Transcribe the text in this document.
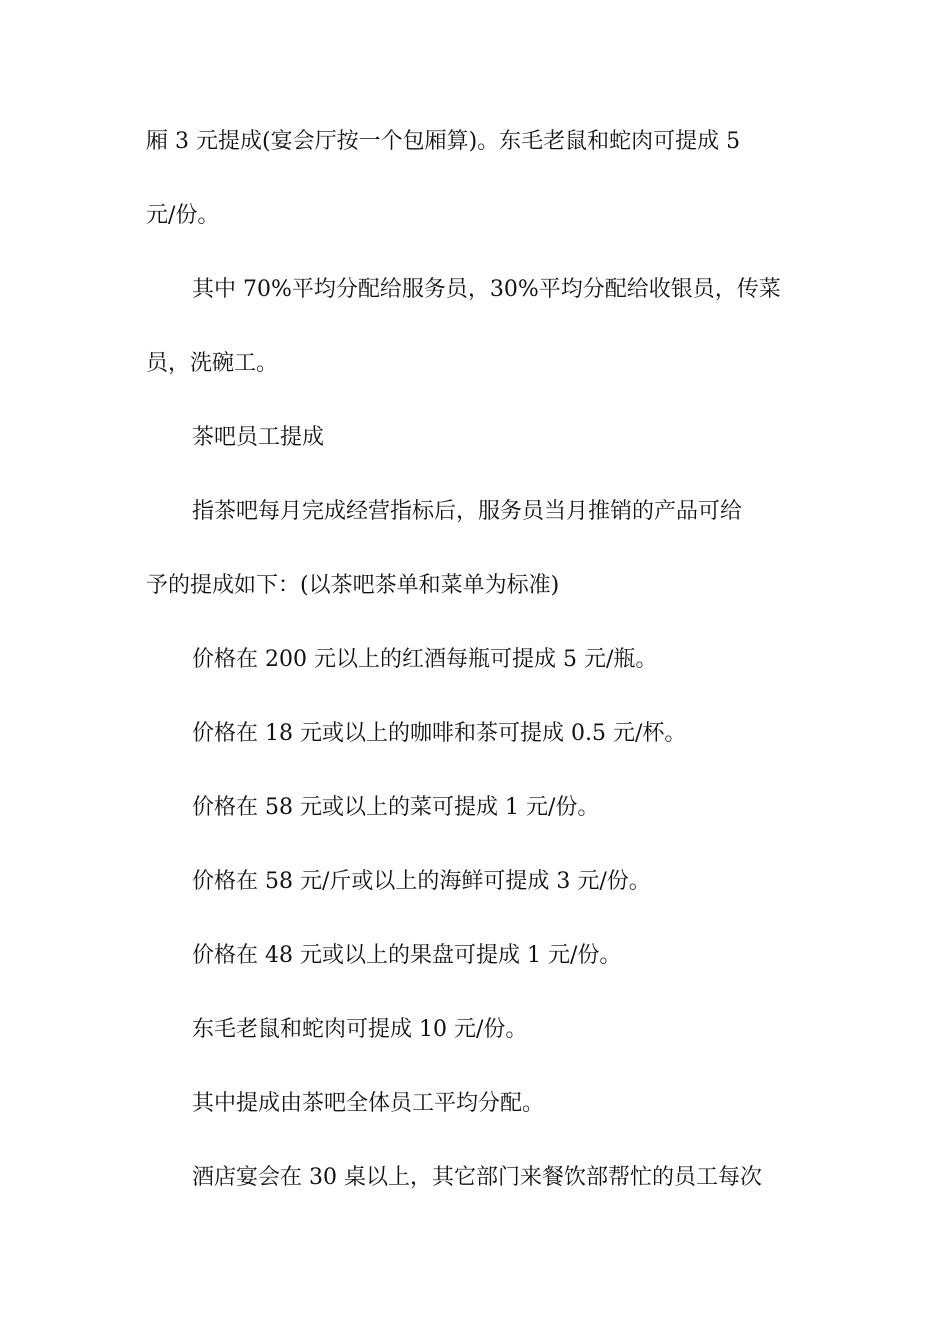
厢 3 元提成(宴会厅按一个包厢算)。东毛老鼠和蛇肉可提成 5
元/份。
其中 70%平均分配给服务员，30%平均分配给收银员，传菜
员，洗碗工。
茶吧员工提成
指茶吧每月完成经营指标后，服务员当月推销的产品可给
予的提成如下：(以茶吧茶单和菜单为标准)
价格在 200 元以上的红酒每瓶可提成 5 元/瓶。
价格在 18 元或以上的咖啡和茶可提成 0.5 元/杯。
价格在 58 元或以上的菜可提成 1 元/份。
价格在 58 元/斤或以上的海鲜可提成 3 元/份。
价格在 48 元或以上的果盘可提成 1 元/份。
东毛老鼠和蛇肉可提成 10 元/份。
其中提成由茶吧全体员工平均分配。
酒店宴会在 30 桌以上，其它部门来餐饮部帮忙的员工每次
